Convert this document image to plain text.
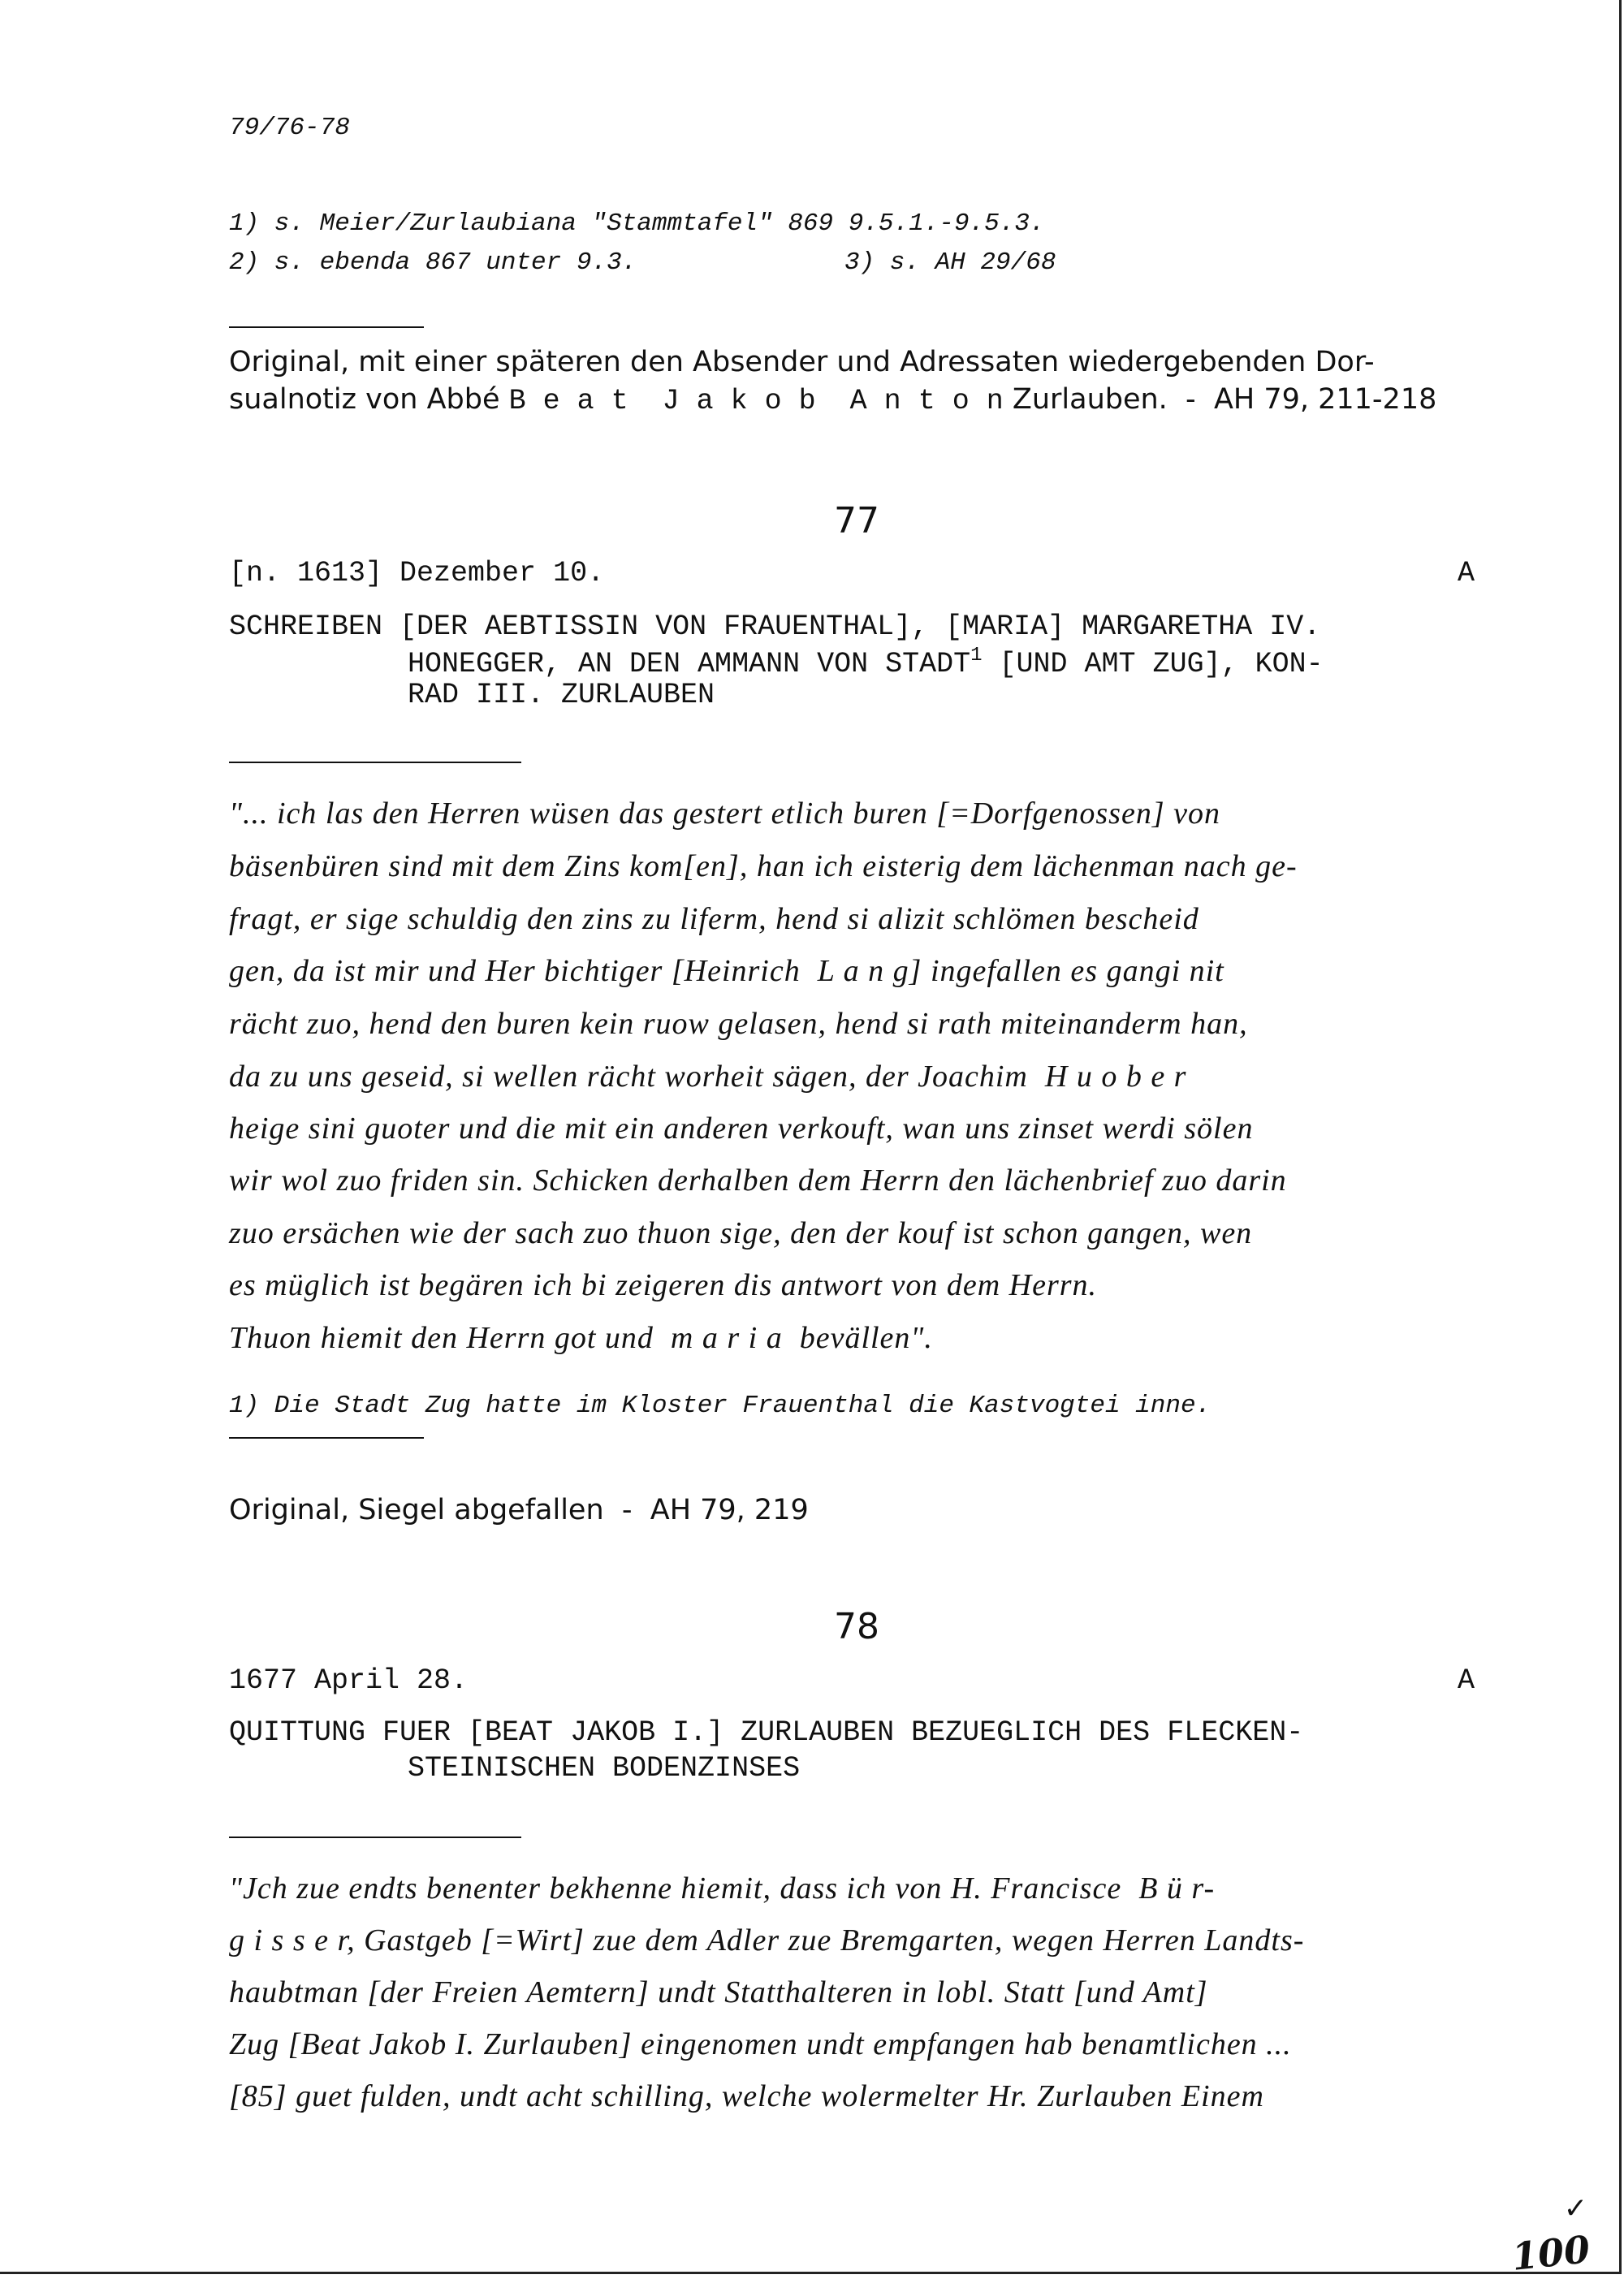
79/76-78
1) s. Meier/Zurlaubiana "Stammtafel" 869 9.5.1.-9.5.3.
2) s. ebenda 867 unter 9.3.	3) s. AH 29/68
Original, mit einer späteren den Absender und Adressaten wiedergebenden Dor-
sualnotiz von Abbé B e a t  J a k o b  A n t o n Zurlauben.  -  AH 79, 211-218
77
[n. 1613] Dezember 10.	A
SCHREIBEN [DER AEBTISSIN VON FRAUENTHAL], [MARIA] MARGARETHA IV.
HONEGGER, AN DEN AMMANN VON STADT$^1$ [UND AMT ZUG], KON-
RAD III. ZURLAUBEN
"... ich las den Herren wüsen das gestert etlich buren [=Dorfgenossen] von
bäsenbüren sind mit dem Zins kom[en], han ich eisterig dem lächenman nach ge-
fragt, er sige schuldig den zins zu liferm, hend si alizit schlömen bescheid
gen, da ist mir und Her bichtiger [Heinrich  L a n g] ingefallen es gangi nit
rächt zuo, hend den buren kein ruow gelasen, hend si rath miteinanderm han,
da zu uns geseid, si wellen rächt worheit sägen, der Joachim  H u o b e r
heige sini guoter und die mit ein anderen verkouft, wan uns zinset werdi sölen
wir wol zuo friden sin. Schicken derhalben dem Herrn den lächenbrief zuo darin
zuo ersächen wie der sach zuo thuon sige, den der kouf ist schon gangen, wen
es müglich ist begären ich bi zeigeren dis antwort von dem Herrn.
Thuon hiemit den Herrn got und  m a r i a  bevällen".
1) Die Stadt Zug hatte im Kloster Frauenthal die Kastvogtei inne.
Original, Siegel abgefallen  -  AH 79, 219
78
1677 April 28.	A
QUITTUNG FUER [BEAT JAKOB I.] ZURLAUBEN BEZUEGLICH DES FLECKEN-
STEINISCHEN BODENZINSES
"Jch zue endts benenter bekhenne hiemit, dass ich von H. Francisce  B ü r-
g i s s e r, Gastgeb [=Wirt] zue dem Adler zue Bremgarten, wegen Herren Landts-
haubtman [der Freien Aemtern] undt Statthalteren in lobl. Statt [und Amt]
Zug [Beat Jakob I. Zurlauben] eingenomen undt empfangen hab benamtlichen ...
[85] guet fulden, undt acht schilling, welche wolermelter Hr. Zurlauben Einem
✓
100
